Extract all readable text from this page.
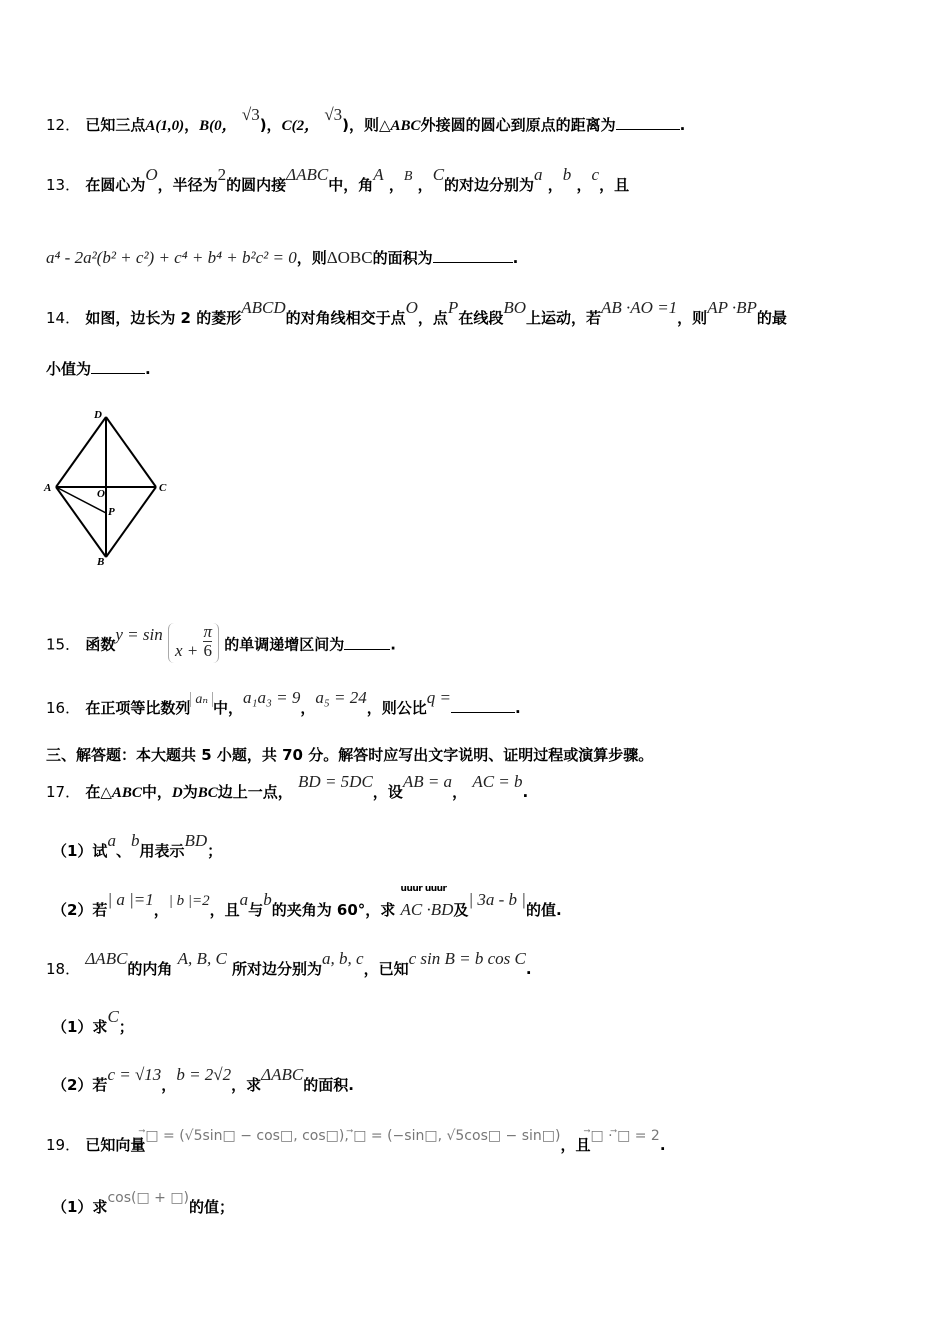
12． 已知三点A(1,0)，B(0， √3)，C(2， √3)，则△ABC外接圆的圆心到原点的距离为	.
13． 在圆心为O，半径为2的圆内接ΔABC中，角A ，B ，C的对边分别为a ，b ，c，且
a⁴ - 2a²(b² + c²) + c⁴ + b⁴ + b²c² = 0，则ΔOBC的面积为	.
14． 如图，边长为 2 的菱形ABCD的对角线相交于点O，点P在线段BO上运动，若AB ·AO =1，则AP ·BP的最
小值为	.
D
A	O	C
P
B
15． 函数$y = \sin x + \frac{\pi}{6}$ 的单调递增区间为	.
16． 在正项等比数列 aₙ 中，a₁a₃ = 9，a₅ = 24，则公比q =.
三、解答题：本大题共 5 小题，共 70 分。解答时应写出文字说明、证明过程或演算步骤。
17． 在△ABC中，D为BC边上一点， BD = 5DC，设AB = a， AC = b.
（1）试a、b用表示BD；
（2）若| a |=1，| b |=2，且a与b的夹角为 60°，求
uuur uuur
AC ·BD及| 3a - b |的值.
18． ΔABC的内角 A, B, C 所对边分别为a, b, c，已知c sin B = b cos C.
（1）求C；
（2）若c = √13，b = 2√2，求ΔABC的面积.
19． 已知向量⃗□ = (√5sin□ − cos□, cos□), ⃗□ = (−sin□, √5cos□ − sin□)，且⃗□ · ⃗□ = 2.
（1）求cos(□ + □)的值；
